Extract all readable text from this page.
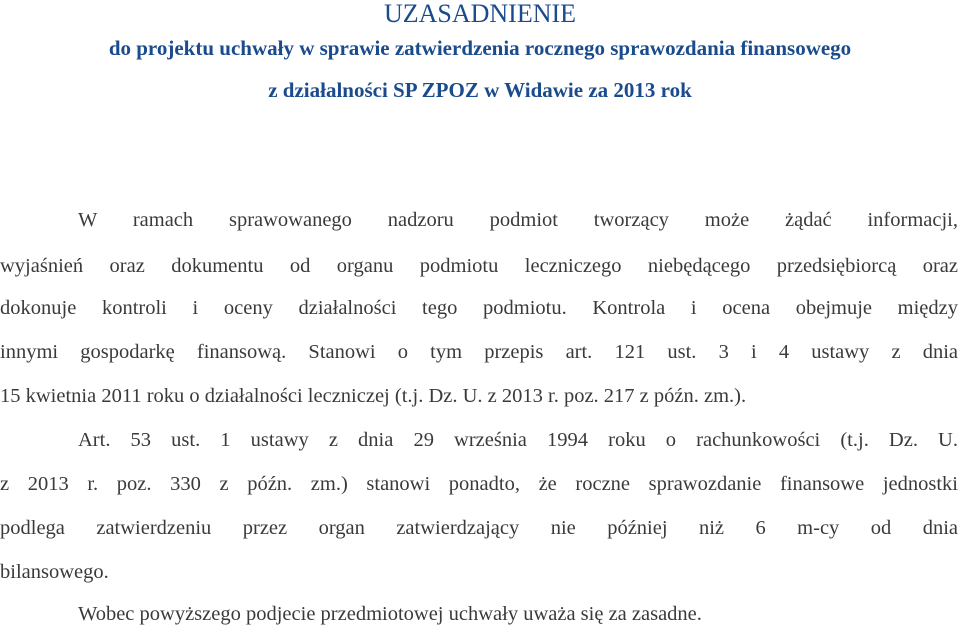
UZASADNIENIE
do projektu uchwały w sprawie zatwierdzenia rocznego sprawozdania finansowego
z działalności SP ZPOZ w Widawie za 2013 rok
W ramach sprawowanego nadzoru podmiot tworzący może żądać informacji,
wyjaśnień oraz dokumentu od organu podmiotu leczniczego niebędącego przedsiębiorcą oraz
dokonuje kontroli i oceny działalności tego podmiotu. Kontrola i ocena obejmuje między
innymi gospodarkę finansową. Stanowi o tym przepis art. 121 ust. 3 i 4 ustawy z dnia
15 kwietnia 2011 roku o działalności leczniczej (t.j. Dz. U. z 2013 r. poz. 217 z późn. zm.).
Art. 53 ust. 1 ustawy z dnia 29 września 1994 roku o rachunkowości (t.j. Dz. U.
z 2013 r. poz. 330 z późn. zm.) stanowi ponadto, że roczne sprawozdanie finansowe jednostki
podlega zatwierdzeniu przez organ zatwierdzający nie później niż 6 m-cy od dnia
bilansowego.
Wobec powyższego podjecie przedmiotowej uchwały uważa się za zasadne.
